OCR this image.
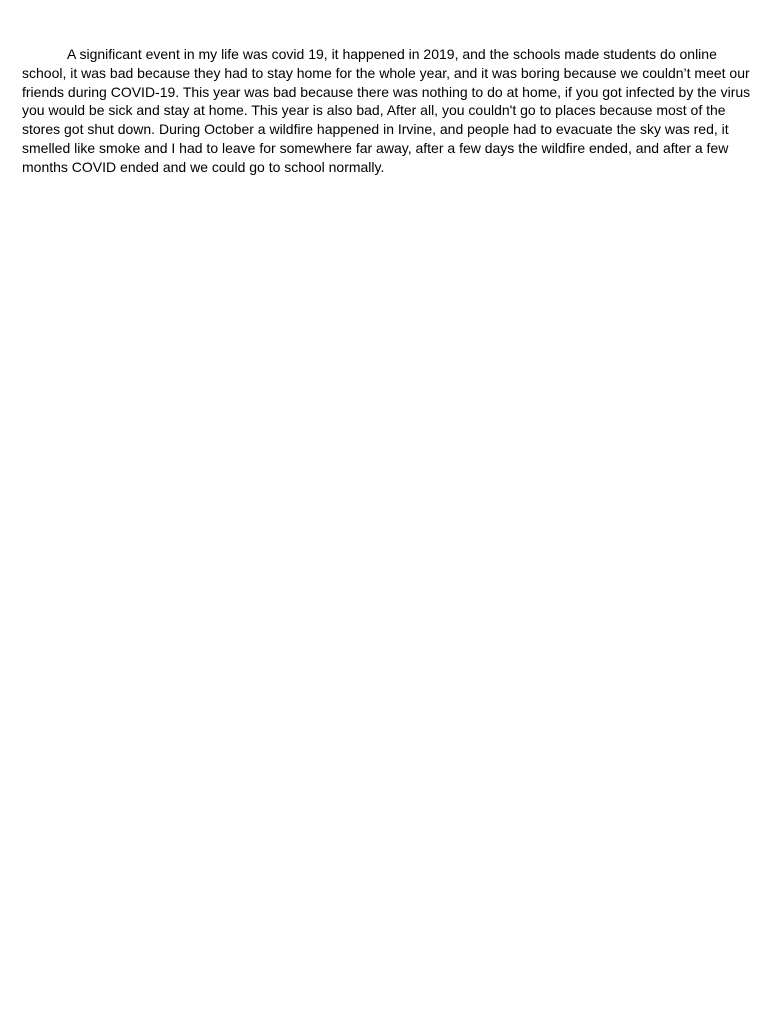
A significant event in my life was covid 19, it happened in 2019, and the schools made students do online
school, it was bad because they had to stay home for the whole year, and it was boring because we couldn’t meet our
friends during COVID-19. This year was bad because there was nothing to do at home, if you got infected by the virus
you would be sick and stay at home. This year is also bad, After all, you couldn't go to places because most of the
stores got shut down. During October a wildfire happened in Irvine, and people had to evacuate the sky was red, it
smelled like smoke and I had to leave for somewhere far away, after a few days the wildfire ended, and after a few
months COVID ended and we could go to school normally.
